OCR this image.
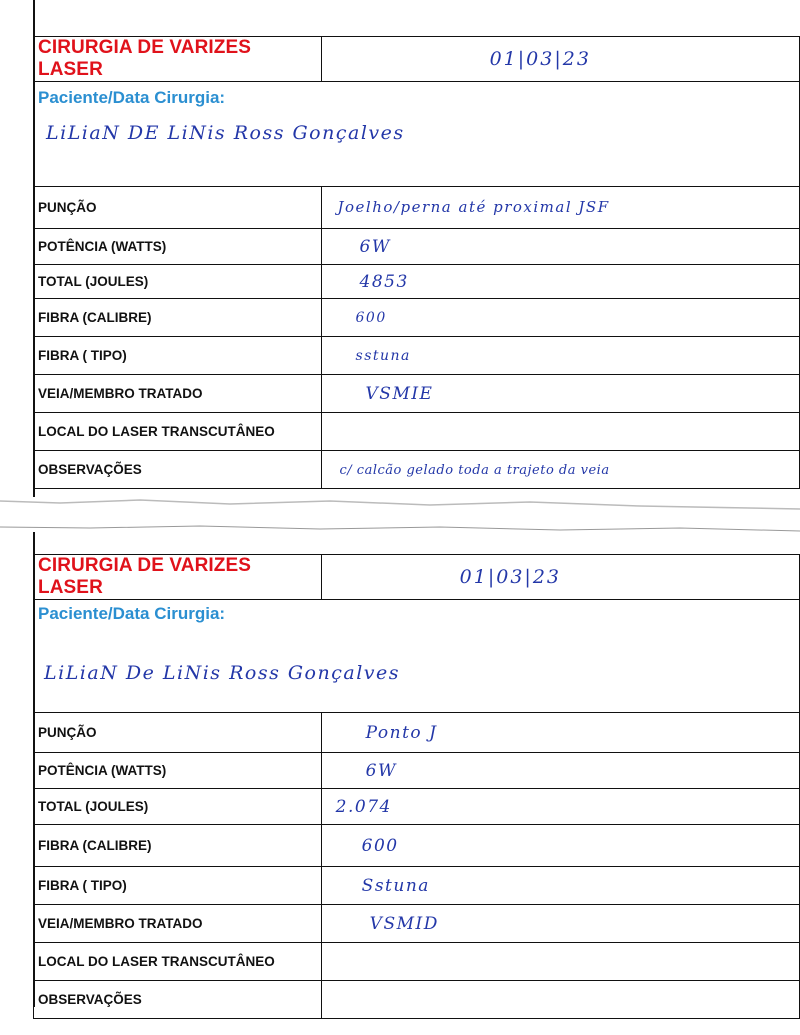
CIRURGIA DE VARIZES LASER	01|03|23

Paciente/Data Cirurgia:
LiLiaN DE LiNis Ross Gonçalves	

PUNÇÃO	Joelho/perna até proximal JSF
POTÊNCIA (WATTS)	6W
TOTAL (JOULES)	4853
FIBRA (CALIBRE)	600
FIBRA ( TIPO)	sstuna
VEIA/MEMBRO TRATADO	VSMIE
LOCAL DO LASER TRANSCUTÂNEO	
OBSERVAÇÕES	c/ calcão gelado toda a trajeto da veia
CIRURGIA DE VARIZES LASER	01|03|23

Paciente/Data Cirurgia:
LiLiaN De LiNis Ross Gonçalves	

PUNÇÃO	Ponto J
POTÊNCIA (WATTS)	6W
TOTAL (JOULES)	2.074
FIBRA (CALIBRE)	600
FIBRA ( TIPO)	Sstuna
VEIA/MEMBRO TRATADO	VSMID
LOCAL DO LASER TRANSCUTÂNEO	
OBSERVAÇÕES	
